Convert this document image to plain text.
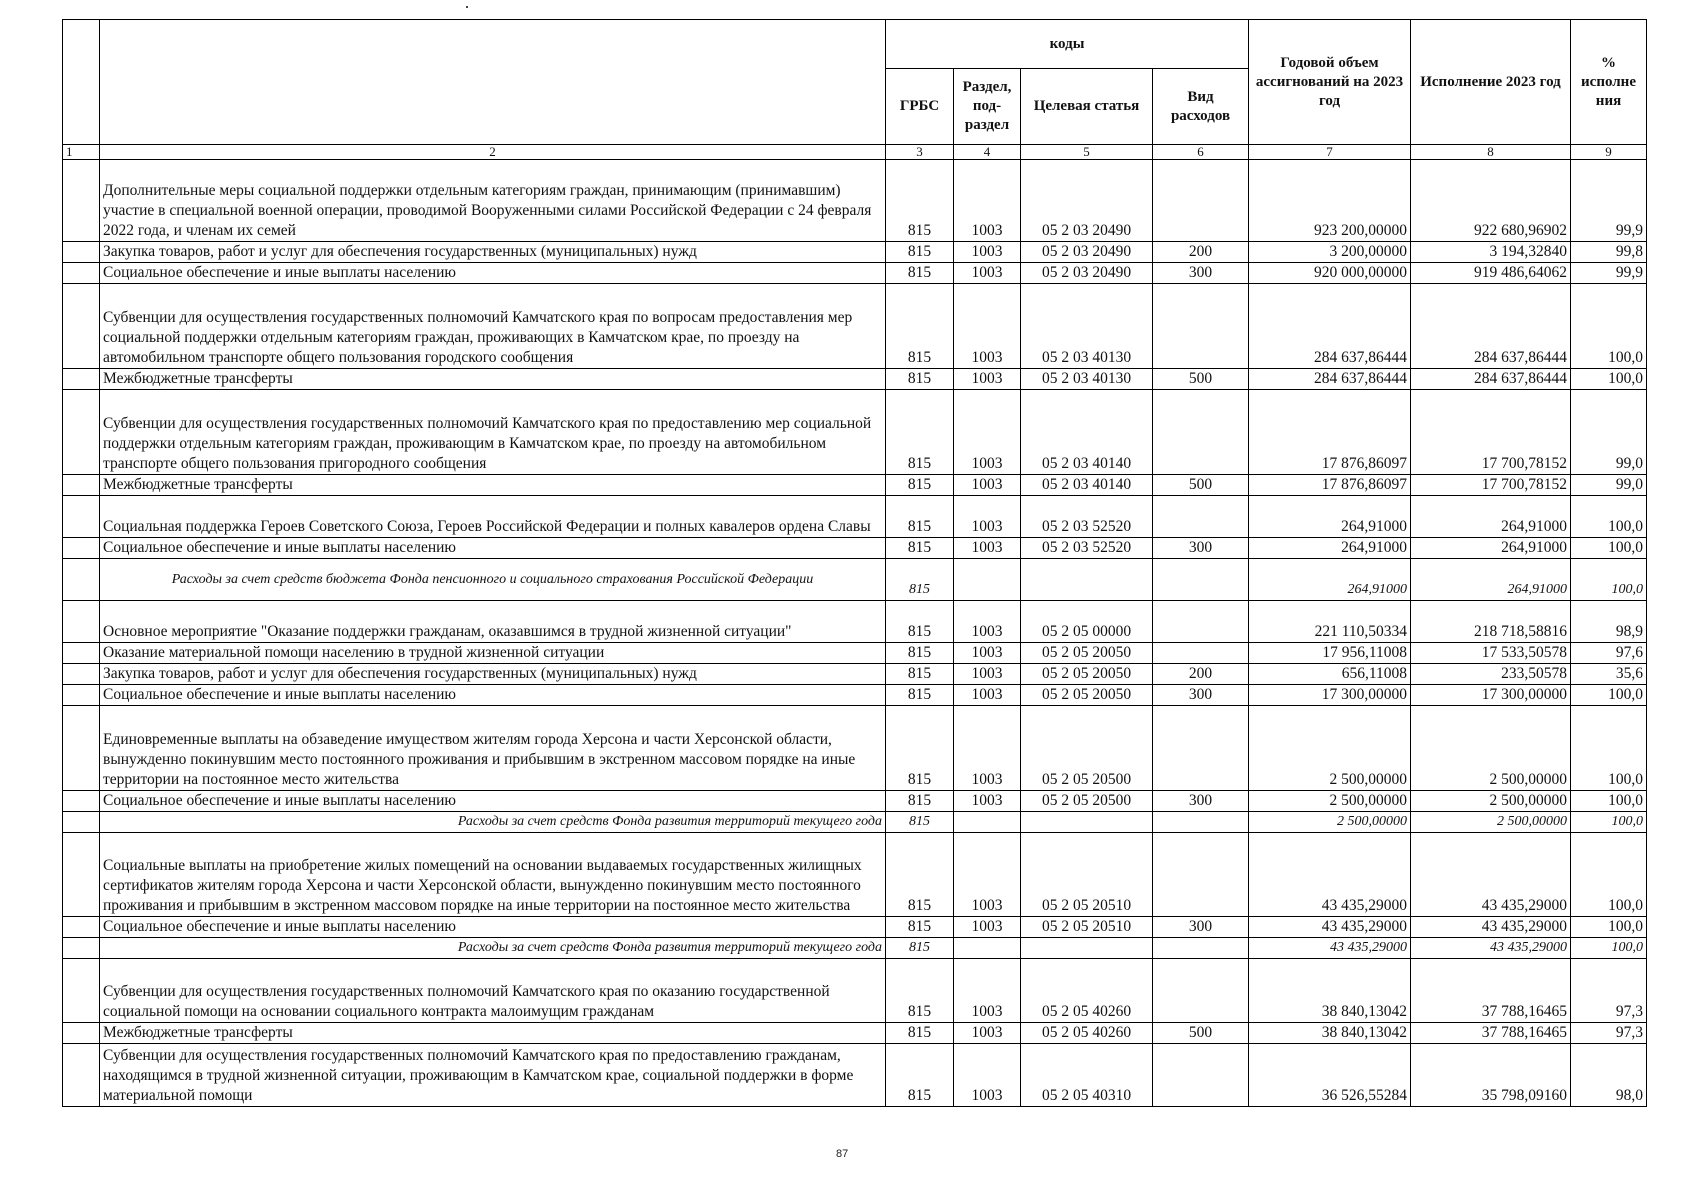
		коды				Годовой объем ассигнований на 2023 год	Исполнение 2023 год	% исполне ния
		ГРБС	Раздел, под-раздел	Целевая статья	Вид расходов			
1	2	3	4	5	6	7	8	9
	Дополнительные меры социальной поддержки отдельным категориям граждан, принимающим (принимавшим) участие в специальной военной операции, проводимой Вооруженными силами Российской Федерации с 24 февраля 2022 года, и членам их семей	815	1003	05 2 03 20490		923 200,00000	922 680,96902	99,9
	Закупка товаров, работ и услуг для обеспечения государственных (муниципальных) нужд	815	1003	05 2 03 20490	200	3 200,00000	3 194,32840	99,8
	Социальное обеспечение и иные выплаты населению	815	1003	05 2 03 20490	300	920 000,00000	919 486,64062	99,9
	Субвенции для осуществления государственных полномочий Камчатского края по вопросам предоставления мер социальной поддержки отдельным категориям граждан, проживающих в Камчатском крае, по проезду на автомобильном транспорте общего пользования городского сообщения	815	1003	05 2 03 40130		284 637,86444	284 637,86444	100,0
	Межбюджетные трансферты	815	1003	05 2 03 40130	500	284 637,86444	284 637,86444	100,0
	Субвенции для осуществления государственных полномочий Камчатского края по предоставлению мер социальной поддержки отдельным категориям граждан, проживающим в Камчатском крае, по проезду на автомобильном транспорте общего пользования пригородного сообщения	815	1003	05 2 03 40140		17 876,86097	17 700,78152	99,0
	Межбюджетные трансферты	815	1003	05 2 03 40140	500	17 876,86097	17 700,78152	99,0
	Социальная поддержка Героев Советского Союза, Героев Российской Федерации и полных кавалеров ордена Славы	815	1003	05 2 03 52520		264,91000	264,91000	100,0
	Социальное обеспечение и иные выплаты населению	815	1003	05 2 03 52520	300	264,91000	264,91000	100,0
	Расходы за счет средств бюджета Фонда пенсионного и социального страхования Российской Федерации	815				264,91000	264,91000	100,0
	Основное мероприятие "Оказание поддержки гражданам, оказавшимся в трудной жизненной ситуации"	815	1003	05 2 05 00000		221 110,50334	218 718,58816	98,9
	Оказание материальной помощи населению в трудной жизненной ситуации	815	1003	05 2 05 20050		17 956,11008	17 533,50578	97,6
	Закупка товаров, работ и услуг для обеспечения государственных (муниципальных) нужд	815	1003	05 2 05 20050	200	656,11008	233,50578	35,6
	Социальное обеспечение и иные выплаты населению	815	1003	05 2 05 20050	300	17 300,00000	17 300,00000	100,0
	Единовременные выплаты на обзаведение имуществом жителям города Херсона и части Херсонской области, вынужденно покинувшим место постоянного проживания и прибывшим в экстренном массовом порядке на иные территории на постоянное место жительства	815	1003	05 2 05 20500		2 500,00000	2 500,00000	100,0
	Социальное обеспечение и иные выплаты населению	815	1003	05 2 05 20500	300	2 500,00000	2 500,00000	100,0
	Расходы за счет средств Фонда развития территорий текущего года	815				2 500,00000	2 500,00000	100,0
	Социальные выплаты на приобретение жилых помещений на основании выдаваемых государственных жилищных сертификатов жителям города Херсона и части Херсонской области, вынужденно покинувшим место постоянного проживания и прибывшим в экстренном массовом порядке на иные территории на постоянное место жительства	815	1003	05 2 05 20510		43 435,29000	43 435,29000	100,0
	Социальное обеспечение и иные выплаты населению	815	1003	05 2 05 20510	300	43 435,29000	43 435,29000	100,0
	Расходы за счет средств Фонда развития территорий текущего года	815				43 435,29000	43 435,29000	100,0
	Субвенции для осуществления государственных полномочий Камчатского края по оказанию государственной социальной помощи на основании социального контракта малоимущим гражданам	815	1003	05 2 05 40260		38 840,13042	37 788,16465	97,3
	Межбюджетные трансферты	815	1003	05 2 05 40260	500	38 840,13042	37 788,16465	97,3
	Субвенции для осуществления государственных полномочий Камчатского края по предоставлению гражданам, находящимся в трудной жизненной ситуации, проживающим в Камчатском крае, социальной поддержки в форме материальной помощи	815	1003	05 2 05 40310		36 526,55284	35 798,09160	98,0
87
